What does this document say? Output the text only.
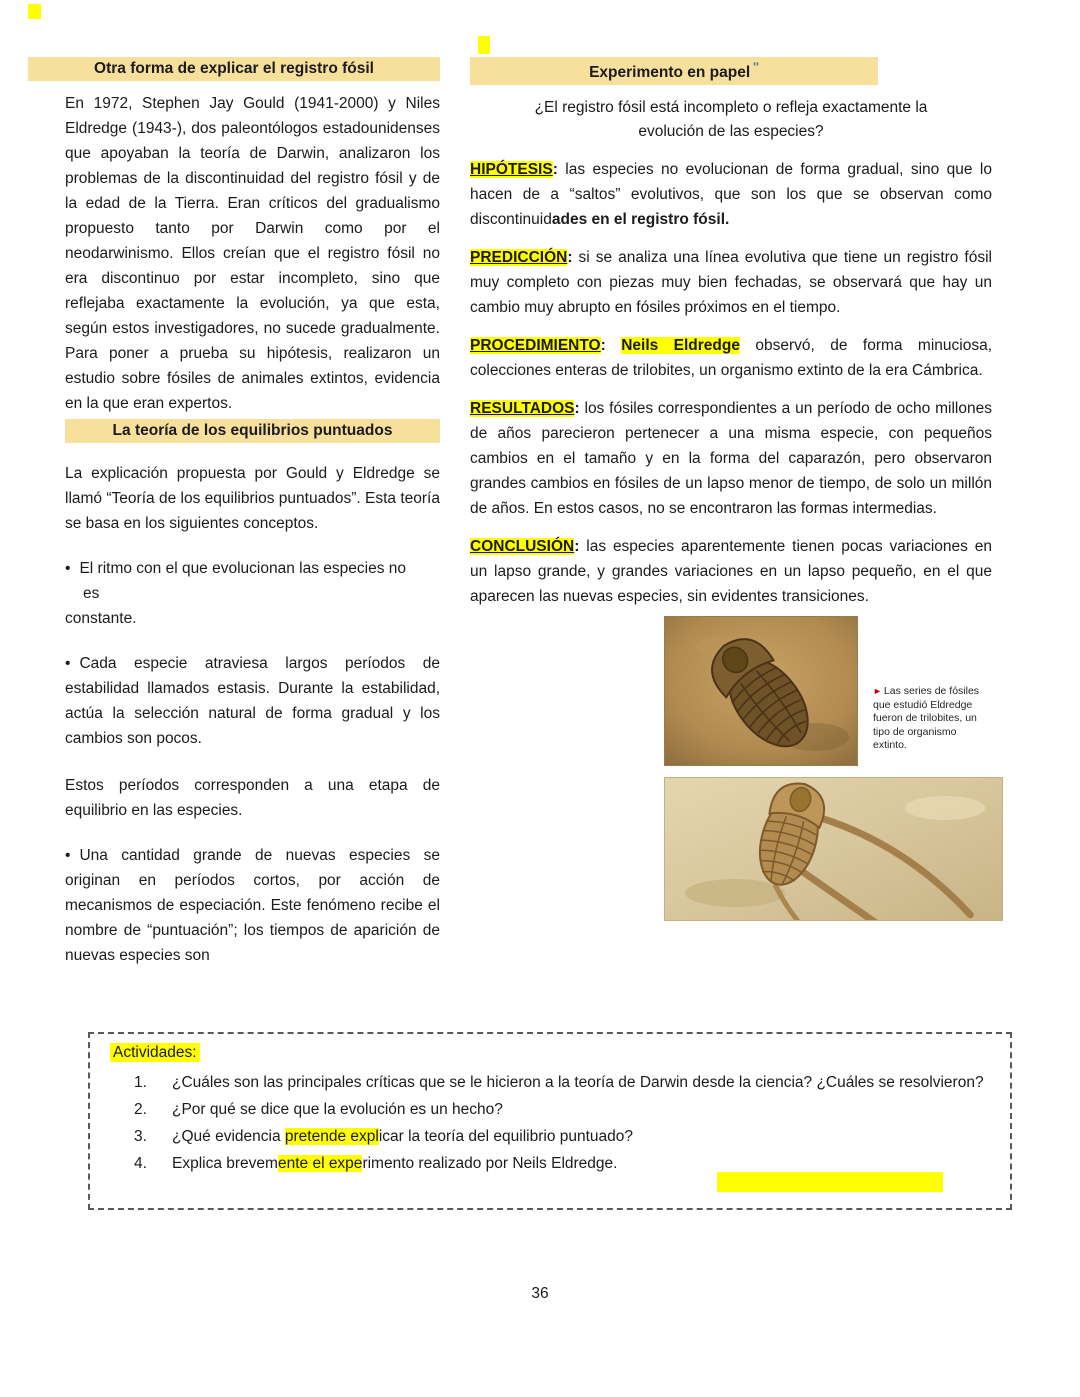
Otra forma de explicar el registro fósil

En 1972, Stephen Jay Gould (1941-2000) y Niles Eldredge (1943-), dos paleontólogos estadounidenses que apoyaban la teoría de Darwin, analizaron los problemas de la discontinuidad del registro fósil y de la edad de la Tierra. Eran críticos del gradualismo propuesto tanto por Darwin como por el neodarwinismo. Ellos creían que el registro fósil no era discontinuo por estar incompleto, sino que reflejaba exactamente la evolución, ya que esta, según estos investigadores, no sucede gradualmente. Para poner a prueba su hipótesis, realizaron un estudio sobre fósiles de animales extintos, evidencia en la que eran expertos.

La teoría de los equilibrios puntuados

La explicación propuesta por Gould y Eldredge se llamó “Teoría de los equilibrios puntuados”. Esta teoría se basa en los siguientes conceptos.

• El ritmo con el que evolucionan las especies no

es
constante.

• Cada especie atraviesa largos períodos de estabilidad llamados estasis. Durante la estabilidad, actúa la selección natural de forma gradual y los cambios son pocos.

Estos períodos corresponden a una etapa de equilibrio en las especies.

• Una cantidad grande de nuevas especies se originan en períodos cortos, por acción de mecanismos de especiación. Este fenómeno recibe el nombre de “puntuación”; los tiempos de aparición de nuevas especies son

Experimento en papel ''
¿El registro fósil está incompleto o refleja exactamente la
evolución de las especies?

HIPÓTESIS: las especies no evolucionan de forma gradual, sino que lo hacen de a “saltos” evolutivos, que son los que se observan como discontinuidades en el registro fósil.

PREDICCIÓN: si se analiza una línea evolutiva que tiene un registro fósil muy completo con piezas muy bien fechadas, se observará que hay un cambio muy abrupto en fósiles próximos en el tiempo.

PROCEDIMIENTO: Neils Eldredge observó, de forma minuciosa, colecciones enteras de trilobites, un organismo extinto de la era Cámbrica.

RESULTADOS: los fósiles correspondientes a un período de ocho millones de años parecieron pertenecer a una misma especie, con pequeños cambios en el tamaño y en la forma del caparazón, pero observaron grandes cambios en fósiles de un lapso menor de tiempo, de solo un millón de años. En estos casos, no se encontraron las formas intermedias.

CONCLUSIÓN: las especies aparentemente tienen pocas variaciones en un lapso grande, y grandes variaciones en un lapso pequeño, en el que aparecen las nuevas especies, sin evidentes transiciones.

► Las series de fósiles que estudió Eldredge fueron de trilobites, un tipo de organismo extinto.
Actividades:
1.	¿Cuáles son las principales críticas que se le hicieron a la teoría de Darwin desde la ciencia? ¿Cuáles se resolvieron?
2.	¿Por qué se dice que la evolución es un hecho?
3.	¿Qué evidencia pretende explicar la teoría del equilibrio puntuado?
4.	Explica brevemente el experimento realizado por Neils Eldredge.
36
